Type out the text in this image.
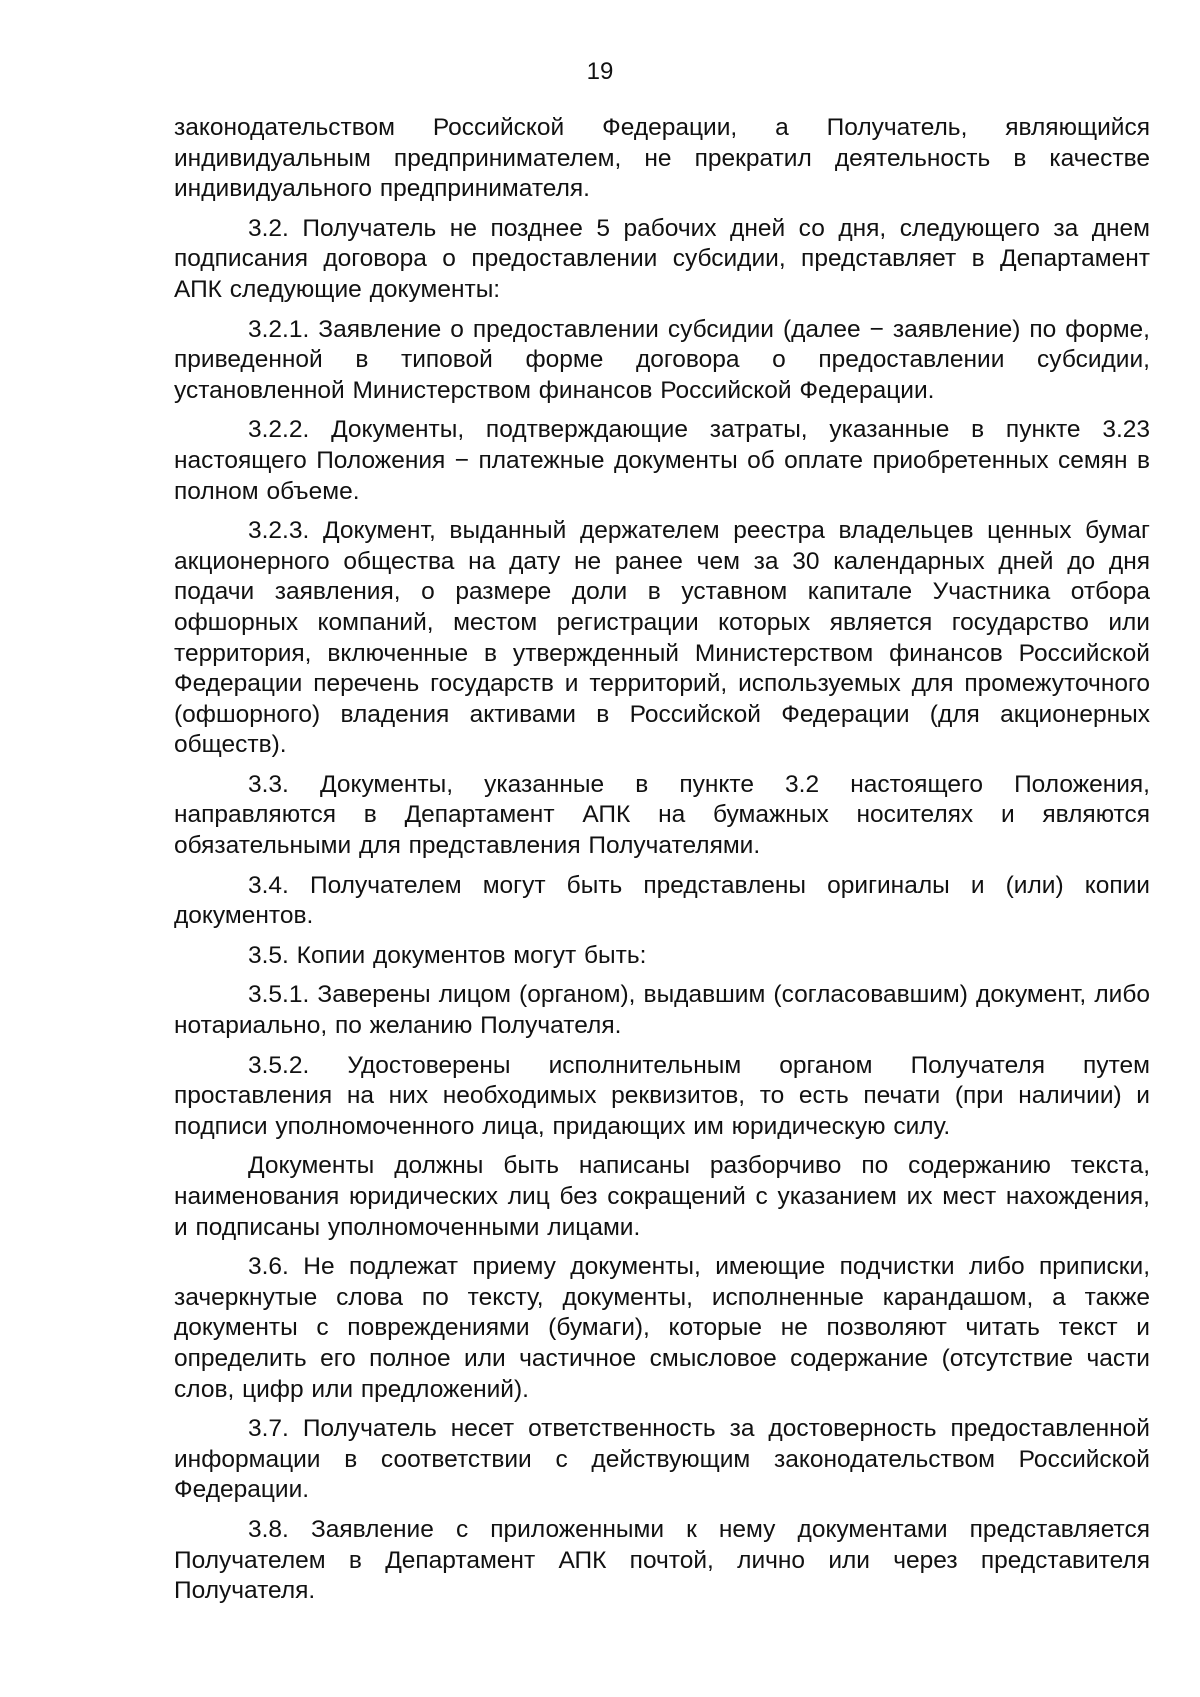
19

законодательством Российской Федерации, а Получатель, являющийся индивидуальным предпринимателем, не прекратил деятельность в качестве индивидуального предпринимателя.

3.2. Получатель не позднее 5 рабочих дней со дня, следующего за днем подписания договора о предоставлении субсидии, представляет в Департамент АПК следующие документы:

3.2.1. Заявление о предоставлении субсидии (далее − заявление) по форме, приведенной в типовой форме договора о предоставлении субсидии, установленной Министерством финансов Российской Федерации.

3.2.2. Документы, подтверждающие затраты, указанные в пункте 3.23 настоящего Положения − платежные документы об оплате приобретенных семян в полном объеме.

3.2.3. Документ, выданный держателем реестра владельцев ценных бумаг акционерного общества на дату не ранее чем за 30 календарных дней до дня подачи заявления, о размере доли в уставном капитале Участника отбора офшорных компаний, местом регистрации которых является государство или территория, включенные в утвержденный Министерством финансов Российской Федерации перечень государств и территорий, используемых для промежуточного (офшорного) владения активами в Российской Федерации (для акционерных обществ).

3.3. Документы, указанные в пункте 3.2 настоящего Положения, направляются в Департамент АПК на бумажных носителях и являются обязательными для представления Получателями.

3.4. Получателем могут быть представлены оригиналы и (или) копии документов.

3.5. Копии документов могут быть:

3.5.1. Заверены лицом (органом), выдавшим (согласовавшим) документ, либо нотариально, по желанию Получателя.

3.5.2. Удостоверены исполнительным органом Получателя путем проставления на них необходимых реквизитов, то есть печати (при наличии) и подписи уполномоченного лица, придающих им юридическую силу.

Документы должны быть написаны разборчиво по содержанию текста, наименования юридических лиц без сокращений с указанием их мест нахождения, и подписаны уполномоченными лицами.

3.6. Не подлежат приему документы, имеющие подчистки либо приписки, зачеркнутые слова по тексту, документы, исполненные карандашом, а также документы с повреждениями (бумаги), которые не позволяют читать текст и определить его полное или частичное смысловое содержание (отсутствие части слов, цифр или предложений).

3.7. Получатель несет ответственность за достоверность предоставленной информации в соответствии с действующим законодательством Российской Федерации.

3.8. Заявление с приложенными к нему документами представляется Получателем в Департамент АПК почтой, лично или через представителя Получателя.
